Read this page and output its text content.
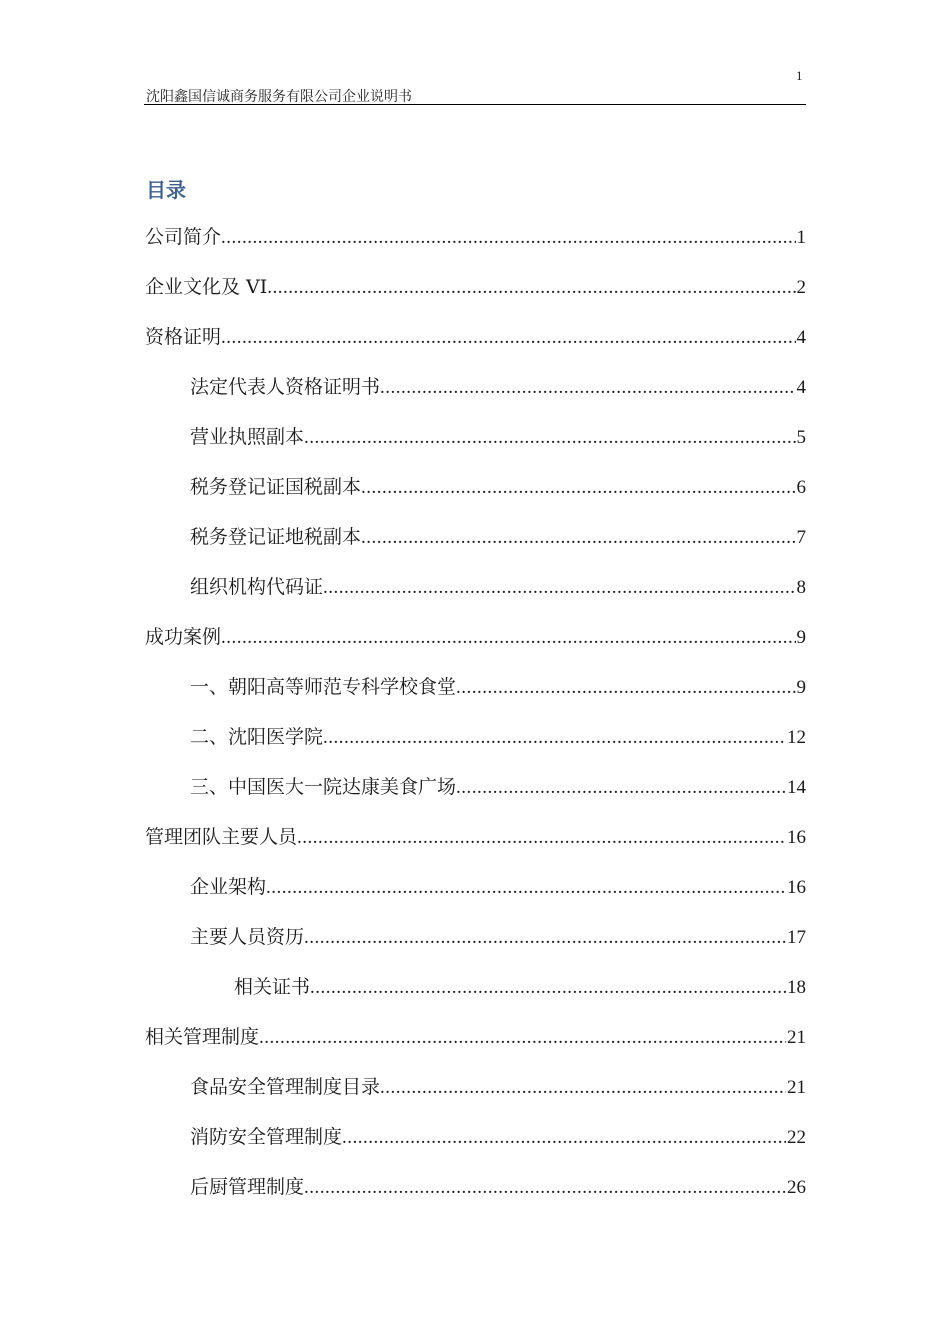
1
沈阳鑫国信诚商务服务有限公司企业说明书
目录
公司简介 .....	1
企业文化及 VI .....	2
资格证明 .....	4
法定代表人资格证明书 .....	4
营业执照副本 .....	5
税务登记证国税副本 .....	6
税务登记证地税副本 .....	7
组织机构代码证 .....	8
成功案例 .....	9
一、朝阳高等师范专科学校食堂 .....	9
二、沈阳医学院 .....	12
三、中国医大一院达康美食广场 .....	14
管理团队主要人员 .....	16
企业架构 .....	16
主要人员资历 .....	17
相关证书 .....	18
相关管理制度 .....	21
食品安全管理制度目录 .....	21
消防安全管理制度 .....	22
后厨管理制度 .....	26
